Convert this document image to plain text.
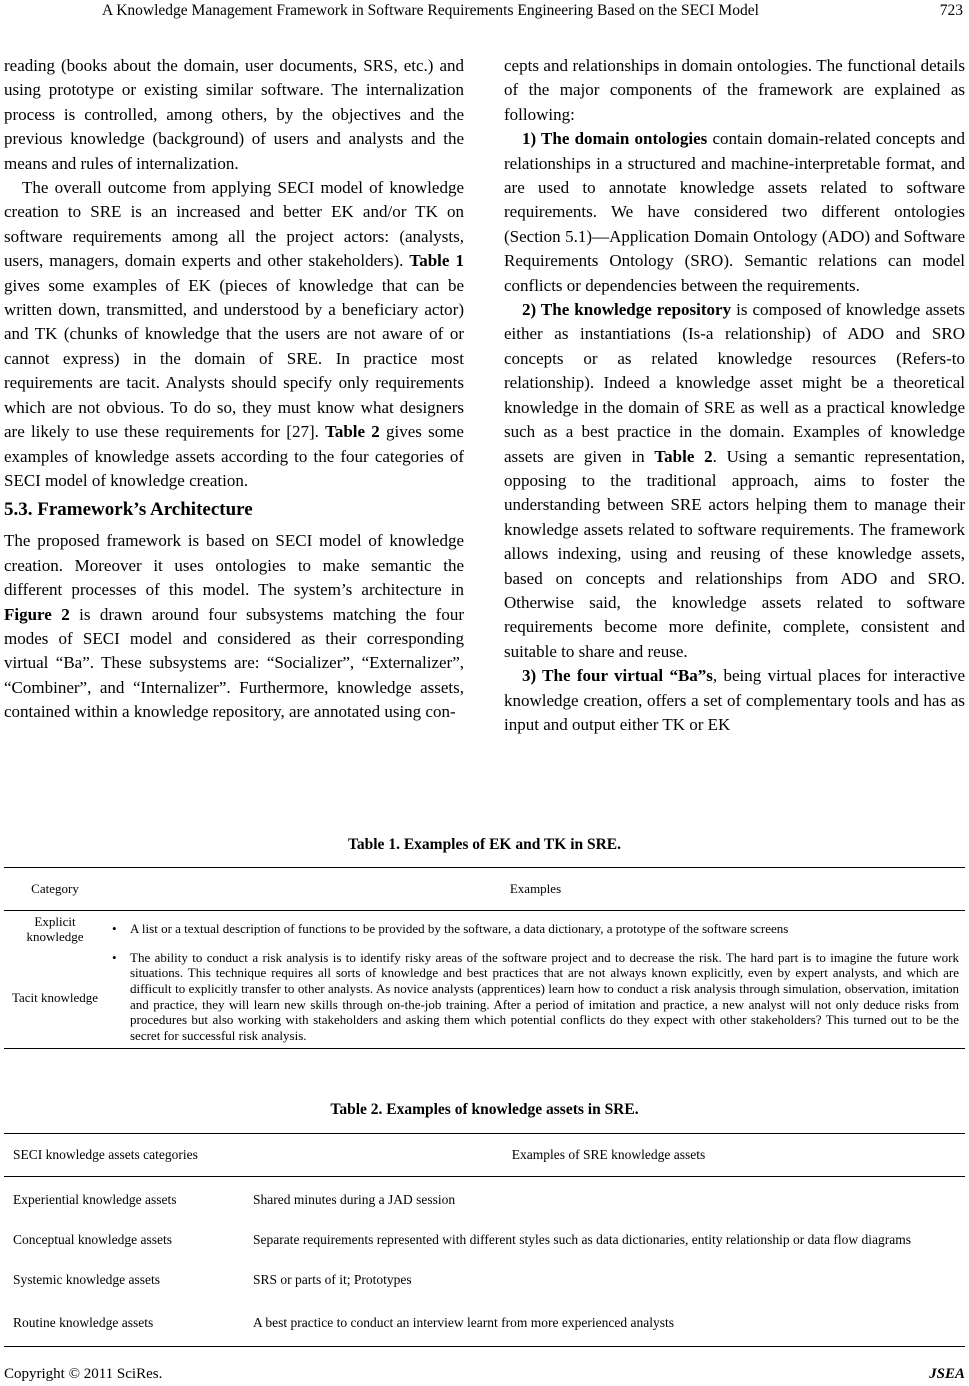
A Knowledge Management Framework in Software Requirements Engineering Based on the SECI Model	723

reading (books about the domain, user documents, SRS, etc.) and using prototype or existing similar software. The internalization process is controlled, among others, by the objectives and the previous knowledge (background) of users and analysts and the means and rules of internalization.

The overall outcome from applying SECI model of knowledge creation to SRE is an increased and better EK and/or TK on software requirements among all the project actors: (analysts, users, managers, domain experts and other stakeholders). Table 1 gives some examples of EK (pieces of knowledge that can be written down, transmitted, and understood by a beneficiary actor) and TK (chunks of knowledge that the users are not aware of or cannot express) in the domain of SRE. In practice most requirements are tacit. Analysts should specify only requirements which are not obvious. To do so, they must know what designers are likely to use these requirements for [27]. Table 2 gives some examples of knowledge assets according to the four categories of SECI model of knowledge creation.

5.3. Framework’s Architecture

The proposed framework is based on SECI model of knowledge creation. Moreover it uses ontologies to make semantic the different processes of this model. The system’s architecture in Figure 2 is drawn around four subsystems matching the four modes of SECI model and considered as their corresponding virtual “Ba”. These subsystems are: “Socializer”, “Externalizer”, “Combiner”, and “Internalizer”. Furthermore, knowledge assets, contained within a knowledge repository, are annotated using con-

cepts and relationships in domain ontologies. The functional details of the major components of the framework are explained as following:

1) The domain ontologies contain domain-related concepts and relationships in a structured and machine-interpretable format, and are used to annotate knowledge assets related to software requirements. We have considered two different ontologies (Section 5.1)—Application Domain Ontology (ADO) and Software Requirements Ontology (SRO). Semantic relations can model conflicts or dependencies between the requirements.

2) The knowledge repository is composed of knowledge assets either as instantiations (Is-a relationship) of ADO and SRO concepts or as related knowledge resources (Refers-to relationship). Indeed a knowledge asset might be a theoretical knowledge in the domain of SRE as well as a practical knowledge such as a best practice in the domain. Examples of knowledge assets are given in Table 2. Using a semantic representation, opposing to the traditional approach, aims to foster the understanding between SRE actors helping them to manage their knowledge assets related to software requirements. The framework allows indexing, using and reusing of these knowledge assets, based on concepts and relationships from ADO and SRO. Otherwise said, the knowledge assets related to software requirements become more definite, complete, consistent and suitable to share and reuse.

3) The four virtual “Ba”s, being virtual places for interactive knowledge creation, offers a set of complementary tools and has as input and output either TK or EK

Table 1. Examples of EK and TK in SRE.
Category	Examples
Explicit knowledge	• A list or a textual description of functions to be provided by the software, a data dictionary, a prototype of the software screens
Tacit knowledge	• The ability to conduct a risk analysis is to identify risky areas of the software project and to decrease the risk. The hard part is to imagine the future work situations. This technique requires all sorts of knowledge and best practices that are not always known explicitly, even by expert analysts, and which are difficult to explicitly transfer to other analysts. As novice analysts (apprentices) learn how to conduct a risk analysis through simulation, observation, imitation and practice, they will learn new skills through on-the-job training. After a period of imitation and practice, a new analyst will not only deduce risks from procedures but also working with stakeholders and asking them which potential conflicts do they expect with other stakeholders? This turned out to be the secret for successful risk analysis.
Table 2. Examples of knowledge assets in SRE.
SECI knowledge assets categories	Examples of SRE knowledge assets
Experiential knowledge assets	Shared minutes during a JAD session
Conceptual knowledge assets	Separate requirements represented with different styles such as data dictionaries, entity relationship or data flow diagrams
Systemic knowledge assets	SRS or parts of it; Prototypes
Routine knowledge assets	A best practice to conduct an interview learnt from more experienced analysts
Copyright © 2011 SciRes.	JSEA
